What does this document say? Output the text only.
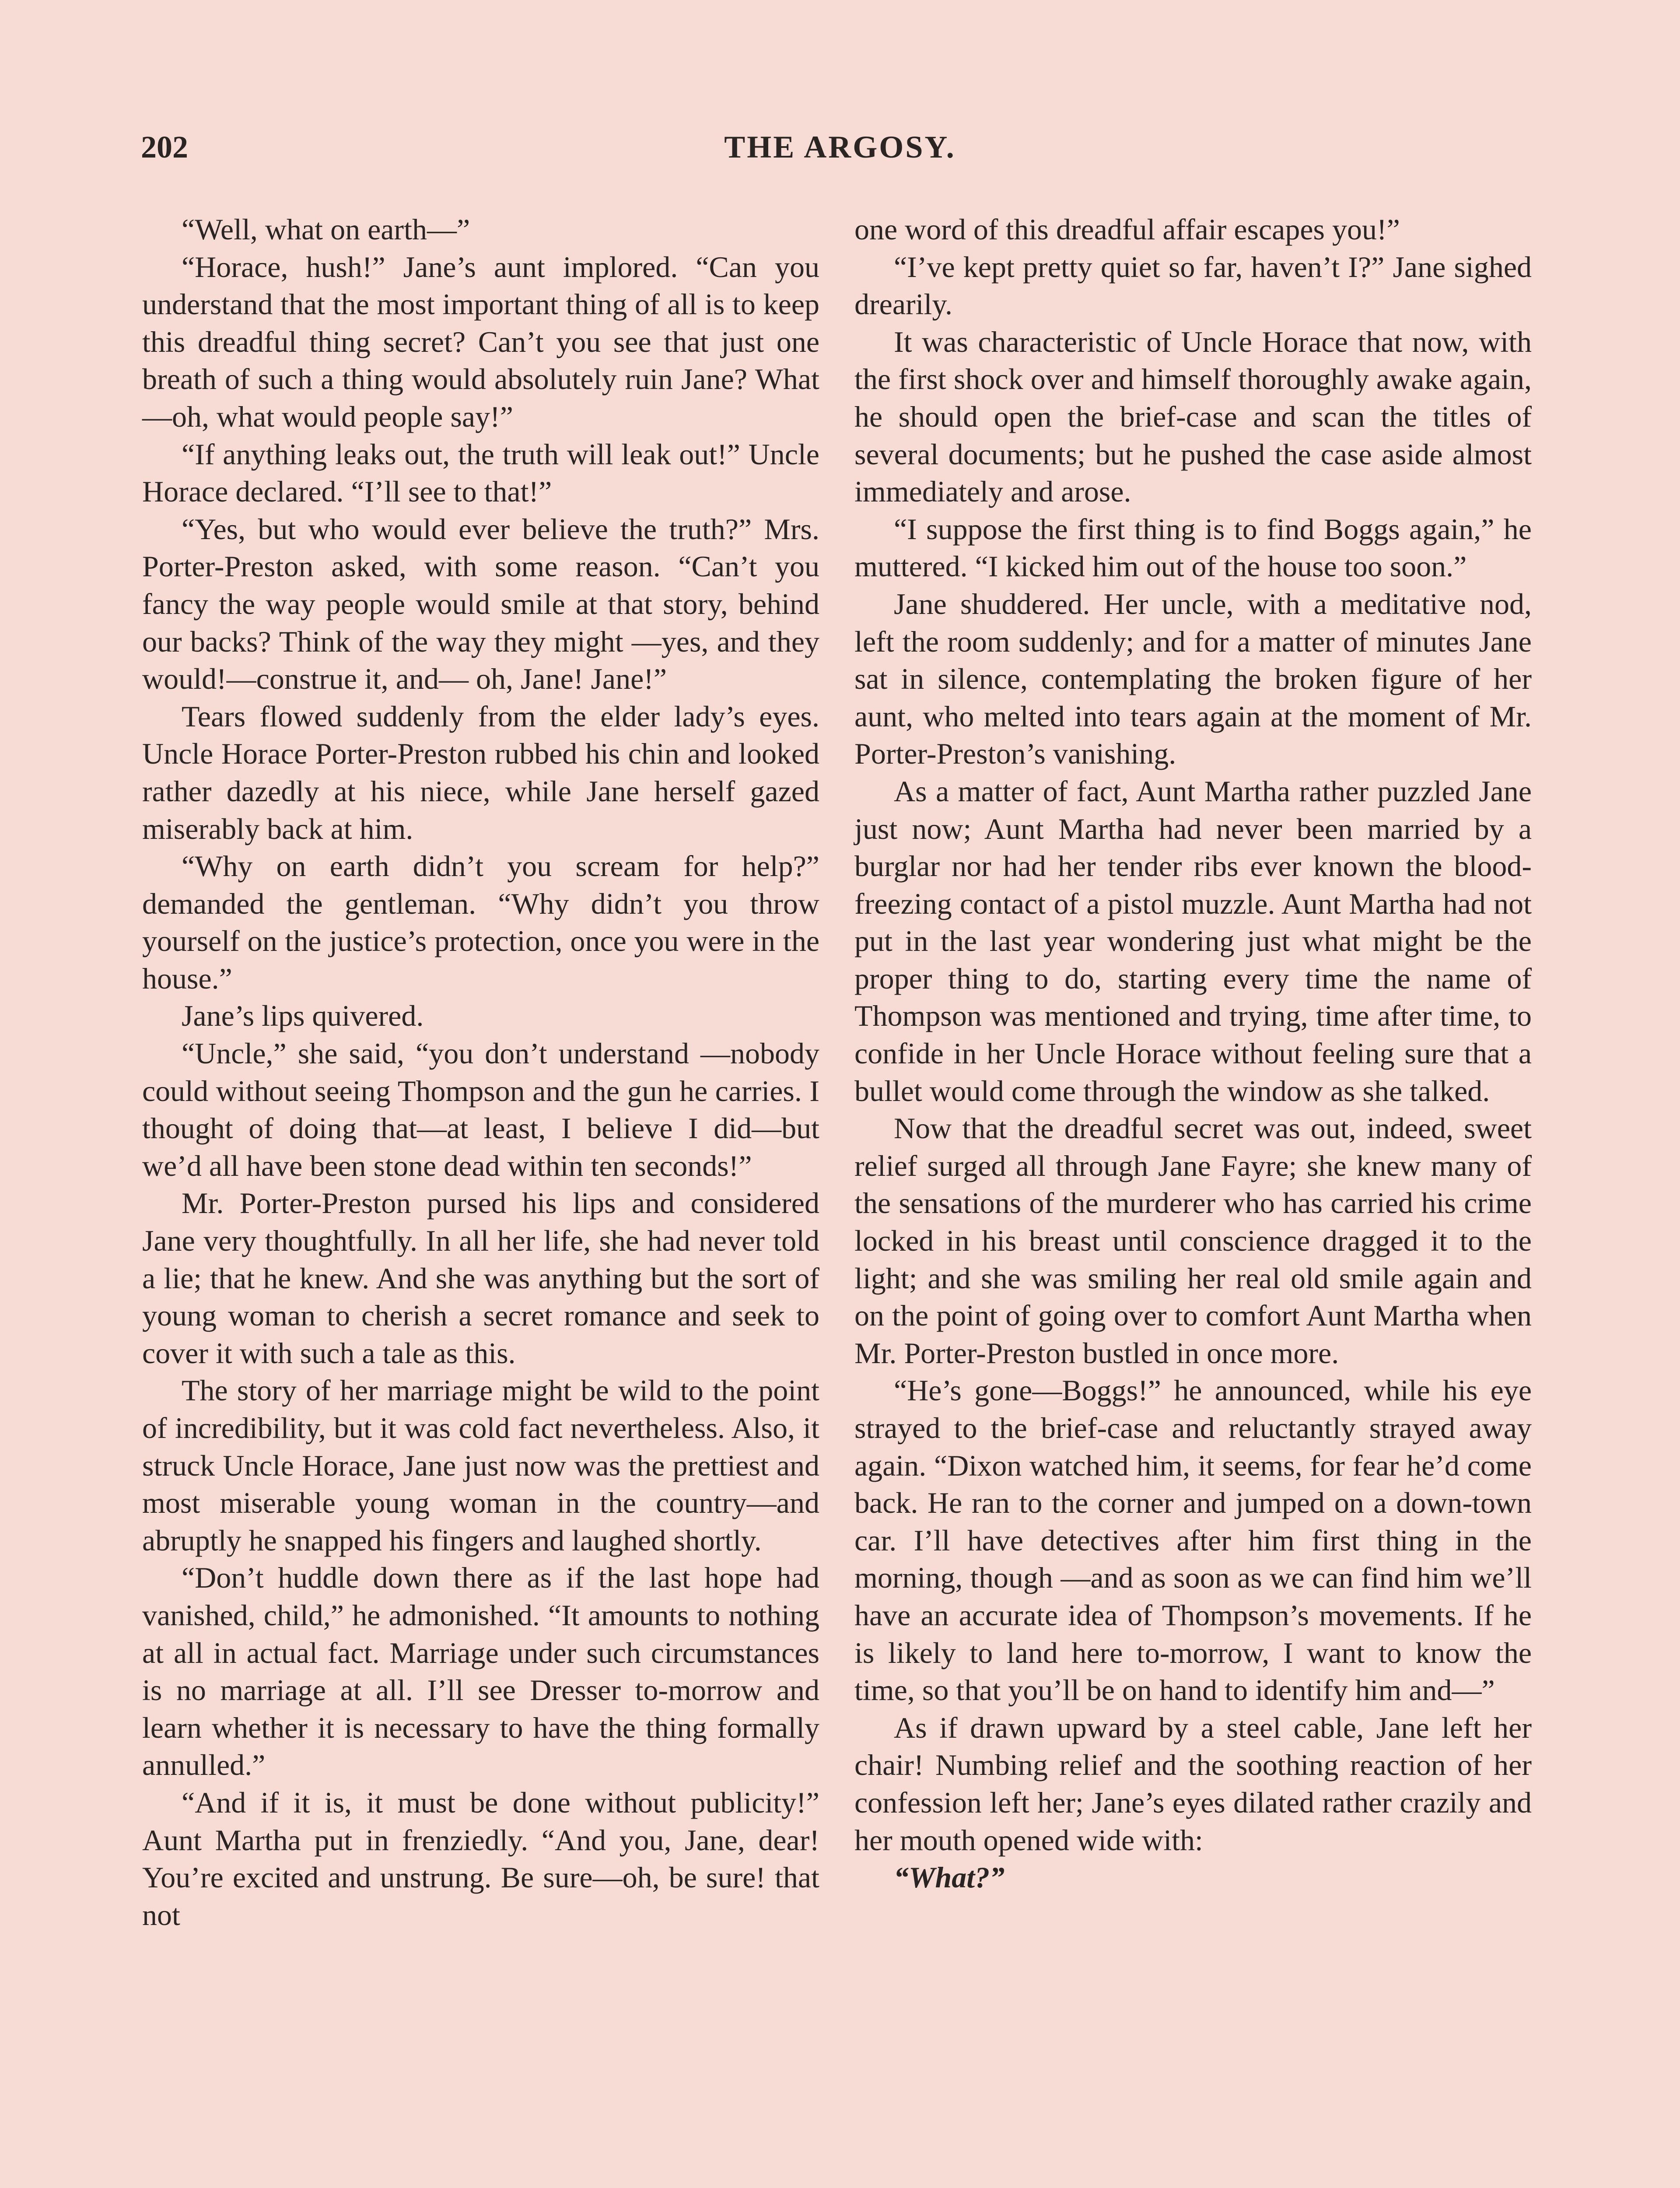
202	THE ARGOSY.

“Well, what on earth—”

“Horace, hush!” Jane’s aunt implored. “Can you understand that the most important thing of all is to keep this dreadful thing secret? Can’t you see that just one breath of such a thing would absolutely ruin Jane? What—oh, what would people say!”

“If anything leaks out, the truth will leak out!” Uncle Horace declared. “I’ll see to that!”

“Yes, but who would ever believe the truth?” Mrs. Porter-Preston asked, with some reason. “Can’t you fancy the way people would smile at that story, behind our backs? Think of the way they might —yes, and they would!—construe it, and— oh, Jane! Jane!”

Tears flowed suddenly from the elder lady’s eyes. Uncle Horace Porter-Preston rubbed his chin and looked rather dazedly at his niece, while Jane herself gazed miserably back at him.

“Why on earth didn’t you scream for help?” demanded the gentleman. “Why didn’t you throw yourself on the justice’s protection, once you were in the house.”

Jane’s lips quivered.

“Uncle,” she said, “you don’t understand —nobody could without seeing Thompson and the gun he carries. I thought of doing that—at least, I believe I did—but we’d all have been stone dead within ten seconds!”

Mr. Porter-Preston pursed his lips and considered Jane very thoughtfully. In all her life, she had never told a lie; that he knew. And she was anything but the sort of young woman to cherish a secret romance and seek to cover it with such a tale as this.

The story of her marriage might be wild to the point of incredibility, but it was cold fact nevertheless. Also, it struck Uncle Horace, Jane just now was the prettiest and most miserable young woman in the country—and abruptly he snapped his fingers and laughed shortly.

“Don’t huddle down there as if the last hope had vanished, child,” he admonished. “It amounts to nothing at all in actual fact. Marriage under such circumstances is no marriage at all. I’ll see Dresser to-morrow and learn whether it is necessary to have the thing formally annulled.”

“And if it is, it must be done without publicity!” Aunt Martha put in frenziedly. “And you, Jane, dear! You’re excited and unstrung. Be sure—oh, be sure! that not

one word of this dreadful affair escapes you!”

“I’ve kept pretty quiet so far, haven’t I?” Jane sighed drearily.

It was characteristic of Uncle Horace that now, with the first shock over and himself thoroughly awake again, he should open the brief-case and scan the titles of several documents; but he pushed the case aside almost immediately and arose.

“I suppose the first thing is to find Boggs again,” he muttered. “I kicked him out of the house too soon.”

Jane shuddered. Her uncle, with a meditative nod, left the room suddenly; and for a matter of minutes Jane sat in silence, contemplating the broken figure of her aunt, who melted into tears again at the moment of Mr. Porter-Preston’s vanishing.

As a matter of fact, Aunt Martha rather puzzled Jane just now; Aunt Martha had never been married by a burglar nor had her tender ribs ever known the blood-freezing contact of a pistol muzzle. Aunt Martha had not put in the last year wondering just what might be the proper thing to do, starting every time the name of Thompson was mentioned and trying, time after time, to confide in her Uncle Horace without feeling sure that a bullet would come through the window as she talked.

Now that the dreadful secret was out, indeed, sweet relief surged all through Jane Fayre; she knew many of the sensations of the murderer who has carried his crime locked in his breast until conscience dragged it to the light; and she was smiling her real old smile again and on the point of going over to comfort Aunt Martha when Mr. Porter-Preston bustled in once more.

“He’s gone—Boggs!” he announced, while his eye strayed to the brief-case and reluctantly strayed away again. “Dixon watched him, it seems, for fear he’d come back. He ran to the corner and jumped on a down-town car. I’ll have detectives after him first thing in the morning, though —and as soon as we can find him we’ll have an accurate idea of Thompson’s movements. If he is likely to land here to-morrow, I want to know the time, so that you’ll be on hand to identify him and—”

As if drawn upward by a steel cable, Jane left her chair! Numbing relief and the soothing reaction of her confession left her; Jane’s eyes dilated rather crazily and her mouth opened wide with:

“What?”
